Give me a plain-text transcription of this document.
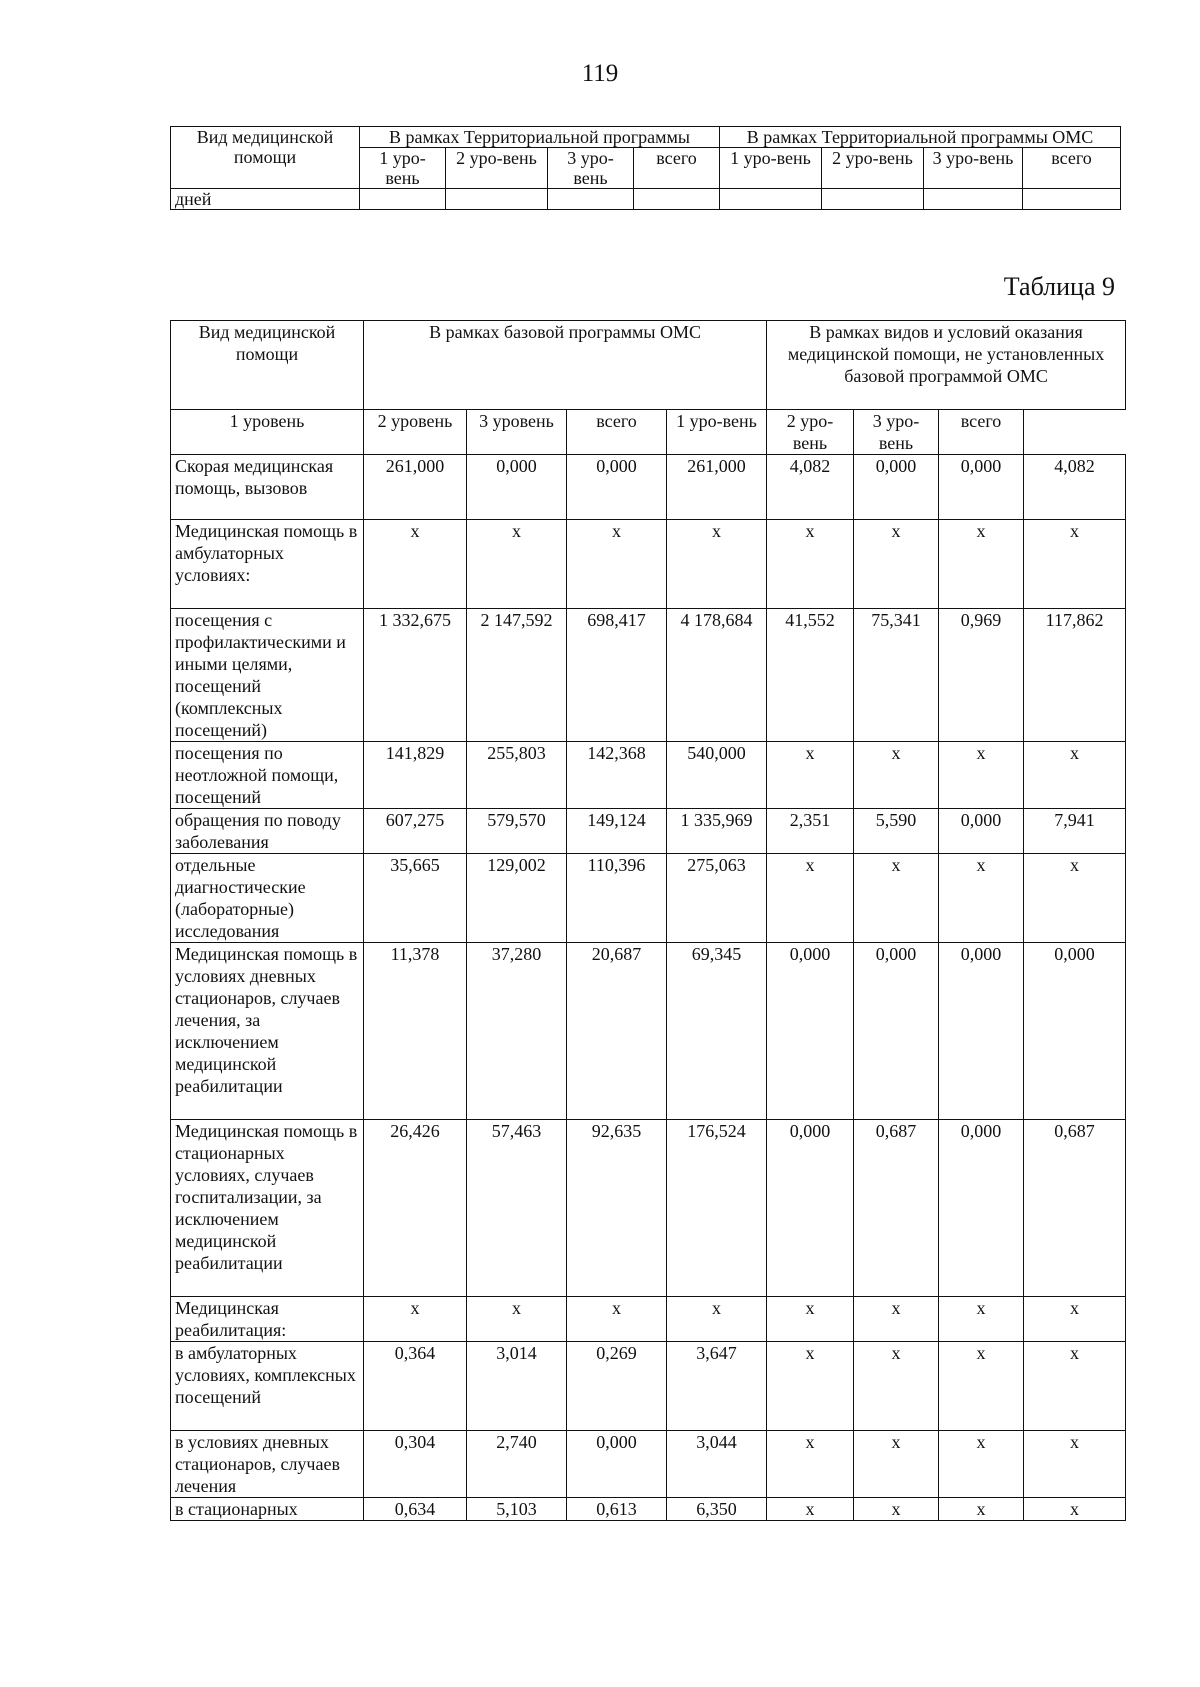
119
Вид медицинской помощи	В рамках Территориальной программы				В рамках Территориальной программы ОМС			
	1 уро-вень	2 уро-вень	3 уро-вень	всего	1 уро-вень	2 уро-вень	3 уро-вень	всего
дней								
Таблица 9
Вид медицинской помощи	В рамках базовой программы ОМС				В рамках видов и условий оказания медицинской помощи, не установленных базовой программой ОМС			
1 уровень	2 уровень	3 уровень	всего	1 уро-вень	2 уро-вень	3 уро-вень	всего	
Скорая медицинская помощь, вызовов	261,000	0,000	0,000	261,000	4,082	0,000	0,000	4,082
Медицинская помощь в амбулаторных условиях:	х	х	х	х	х	х	х	х
посещения с профилактическими и иными целями, посещений (комплексных посещений)	1 332,675	2 147,592	698,417	4 178,684	41,552	75,341	0,969	117,862
посещения по неотложной помощи, посещений	141,829	255,803	142,368	540,000	х	х	х	х
обращения по поводу заболевания	607,275	579,570	149,124	1 335,969	2,351	5,590	0,000	7,941
отдельные диагностические (лабораторные) исследования	35,665	129,002	110,396	275,063	х	х	х	х
Медицинская помощь в условиях дневных стационаров, случаев лечения, за исключением медицинской реабилитации	11,378	37,280	20,687	69,345	0,000	0,000	0,000	0,000
Медицинская помощь в стационарных условиях, случаев госпитализации, за исключением медицинской реабилитации	26,426	57,463	92,635	176,524	0,000	0,687	0,000	0,687
Медицинская реабилитация:	х	х	х	х	х	х	х	х
в амбулаторных условиях, комплексных посещений	0,364	3,014	0,269	3,647	х	х	х	х
в условиях дневных стационаров, случаев лечения	0,304	2,740	0,000	3,044	х	х	х	х
в стационарных	0,634	5,103	0,613	6,350	х	х	х	х
